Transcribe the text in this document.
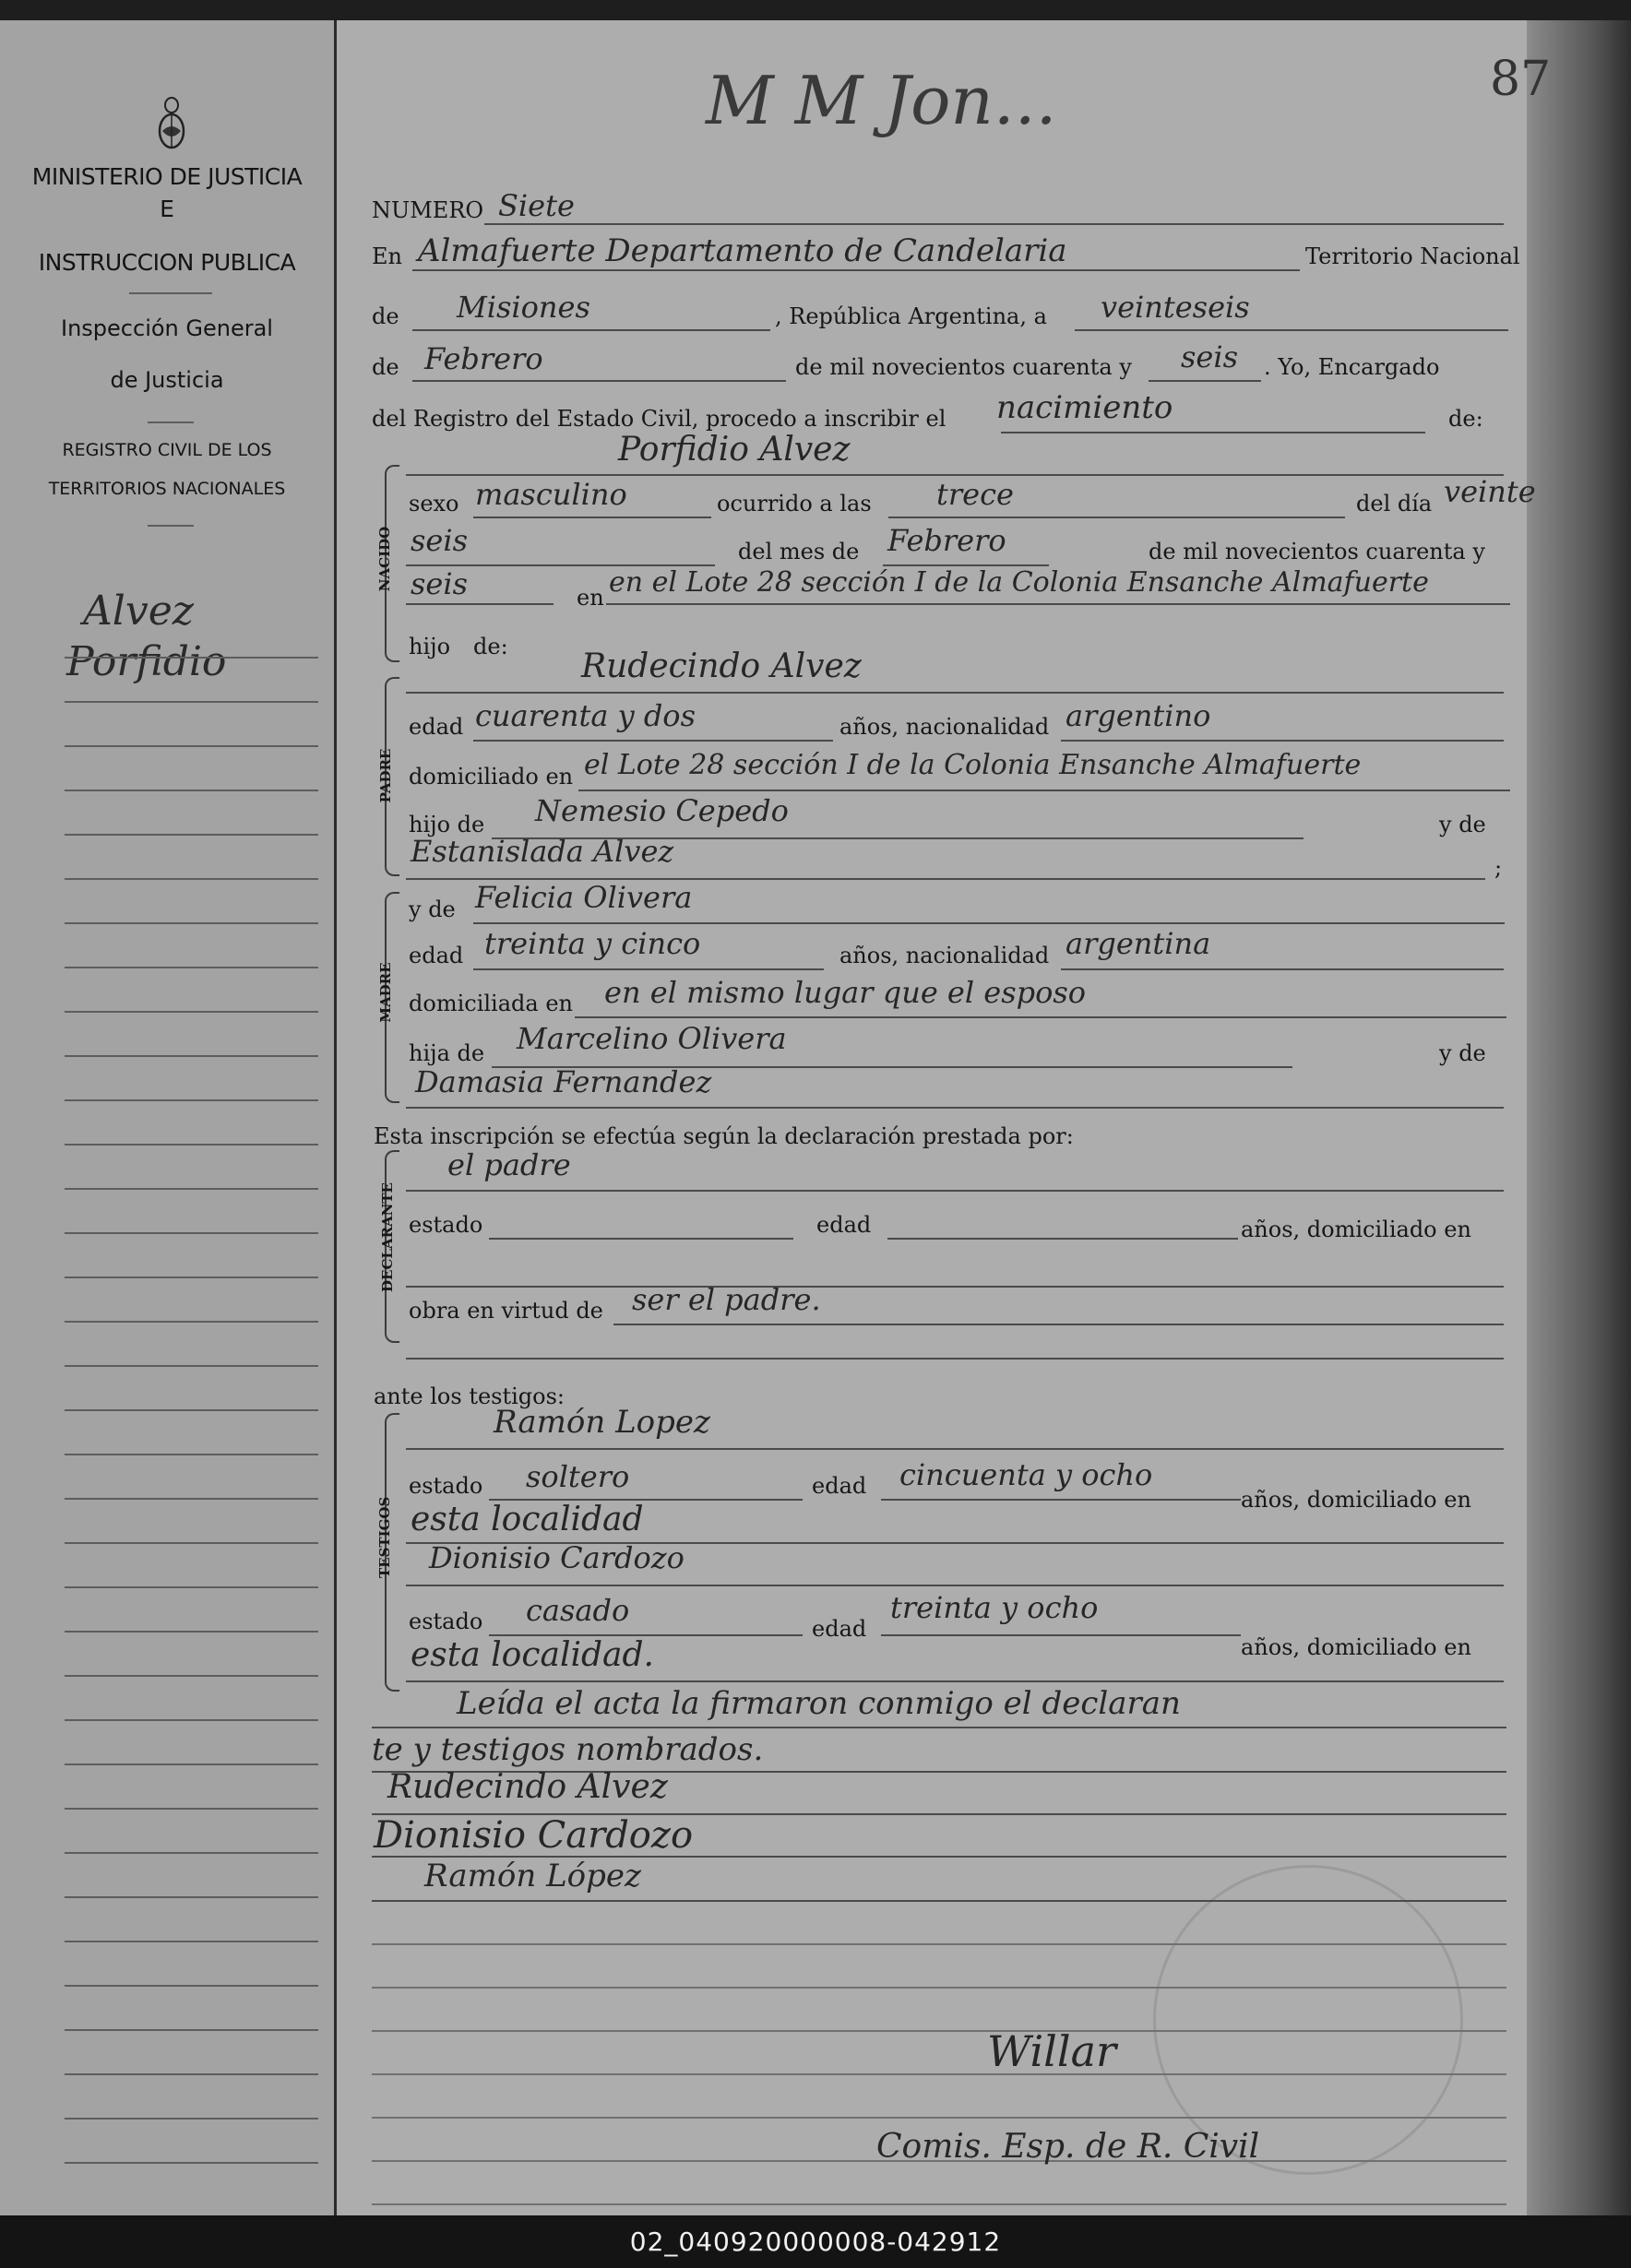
MINISTERIO DE JUSTICIA
E
INSTRUCCION PUBLICA
Inspección General
de Justicia
REGISTRO CIVIL DE LOS
TERRITORIOS NACIONALES
Alvez
Porfidio
M M Jon...	87
NUMERO Siete
En Almafuerte Departamento de Candelaria	Territorio Nacional
de Misiones	, República Argentina, a veinteseis
de Febrero	de mil novecientos cuarenta y seis . Yo, Encargado
del Registro del Estado Civil, procedo a inscribir el nacimiento	de:
NACIDO
Porfidio Alvez
sexo masculino	ocurrido a las trece	del día veinte
seis	del mes de Febrero	de mil novecientos cuarenta y
seis	en en el Lote 28 sección I de la Colonia Ensanche Almafuerte
hijo de:
PADRE
Rudecindo Alvez
edad cuarenta y dos	años, nacionalidad argentino
domiciliado en el Lote 28 sección I de la Colonia Ensanche Almafuerte
hijo de Nemesio Cepedo	y de
Estanislada Alvez	;
MADRE
y de Felicia Olivera
edad treinta y cinco	años, nacionalidad argentina
domiciliada en en el mismo lugar que el esposo
hija de Marcelino Olivera	y de
Damasia Fernandez
Esta inscripción se efectúa según la declaración prestada por:
DECLARANTE
el padre
estado	edad	años, domiciliado en
obra en virtud de ser el padre.
ante los testigos:
TESTIGOS
Ramón Lopez
estado soltero	edad cincuenta y ocho
años, domiciliado en
esta localidad
Dionisio Cardozo
estado casado
edad
treinta y ocho
años, domiciliado en
esta localidad.
Leída el acta la firmaron conmigo el declaran
te y testigos nombrados.
Rudecindo Alvez
Dionisio Cardozo
Ramón López
Willar
Comis. Esp. de R. Civil
02_040920000008-042912
